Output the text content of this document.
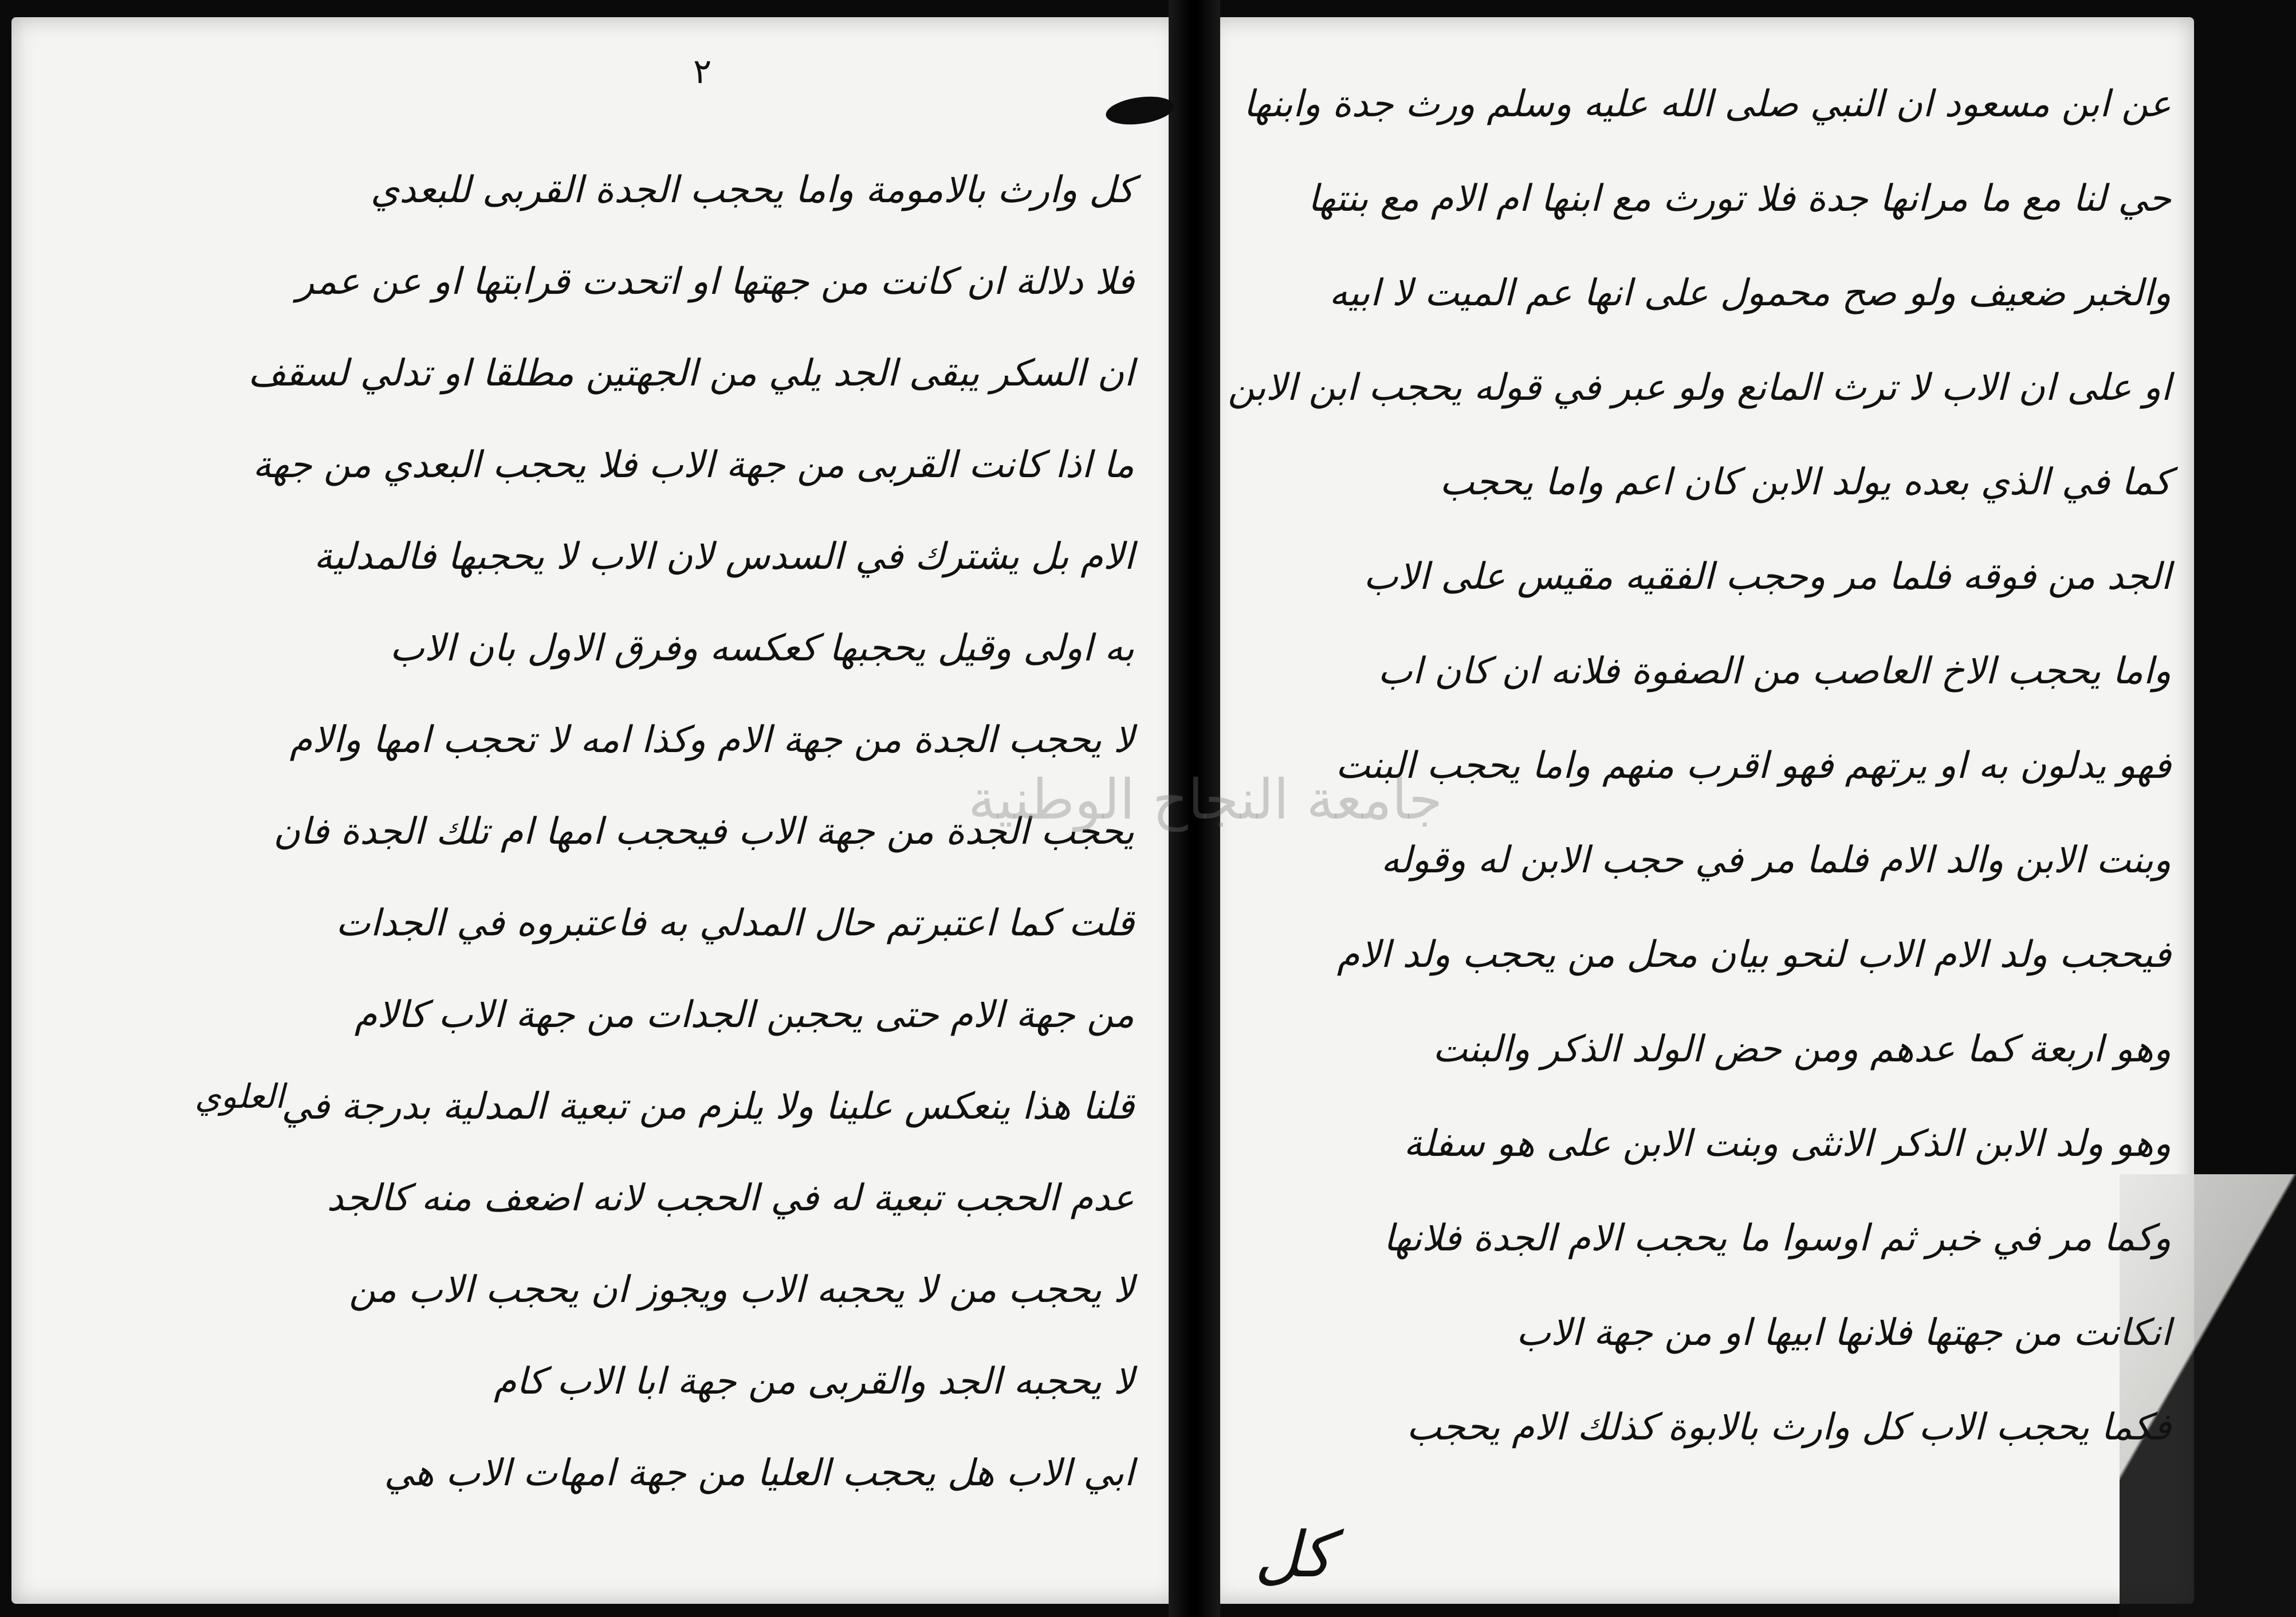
٢
كل وارث بالامومة واما يحجب الجدة القربى للبعدي
فلا دلالة ان كانت من جهتها او اتحدت قرابتها او عن عمر
ان السكر يبقى الجد يلي من الجهتين مطلقا او تدلي لسقف
ما اذا كانت القربى من جهة الاب فلا يحجب البعدي من جهة
الام بل يشترك في السدس لان الاب لا يحجبها فالمدلية
به اولى وقيل يحجبها كعكسه وفرق الاول بان الاب
لا يحجب الجدة من جهة الام وكذا امه لا تحجب امها والام
يحجب الجدة من جهة الاب فيحجب امها ام تلك الجدة فان
قلت كما اعتبرتم حال المدلي به فاعتبروه في الجدات
من جهة الام حتى يحجبن الجدات من جهة الاب كالام
قلنا هذا ينعكس علينا ولا يلزم من تبعية المدلية بدرجة في
عدم الحجب تبعية له في الحجب لانه اضعف منه كالجد
لا يحجب من لا يحجبه الاب ويجوز ان يحجب الاب من
لا يحجبه الجد والقربى من جهة ابا الاب كام
ابي الاب هل يحجب العليا من جهة امهات الاب هي
عن ابن مسعود ان النبي صلى الله عليه وسلم ورث جدة وابنها
حي لنا مع ما مرانها جدة فلا تورث مع ابنها ام الام مع بنتها
والخبر ضعيف ولو صح محمول على انها عم الميت لا ابيه
او على ان الاب لا ترث المانع ولو عبر في قوله يحجب ابن الابن
كما في الذي بعده يولد الابن كان اعم واما يحجب
الجد من فوقه فلما مر وحجب الفقيه مقيس على الاب
واما يحجب الاخ العاصب من الصفوة فلانه ان كان اب
فهو يدلون به او يرتهم فهو اقرب منهم واما يحجب البنت
وبنت الابن والد الام فلما مر في حجب الابن له وقوله
فيحجب ولد الام الاب لنحو بيان محل من يحجب ولد الام
وهو اربعة كما عدهم ومن حض الولد الذكر والبنت
وهو ولد الابن الذكر الانثى وبنت الابن على هو سفلة
وكما مر في خبر ثم اوسوا ما يحجب الام الجدة فلانها
انكانت من جهتها فلانها ابيها او من جهة الاب
فكما يحجب الاب كل وارث بالابوة كذلك الام يحجب
العلوي
جامعة النجاح الوطنية
كل
